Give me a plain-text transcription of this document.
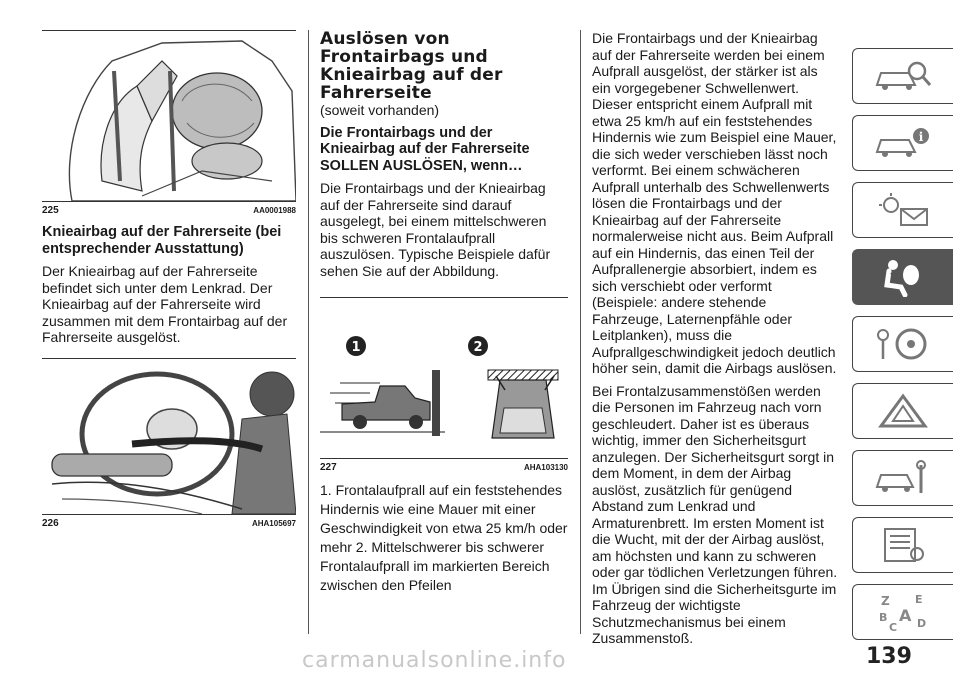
225	AA0001988
Knieairbag auf der Fahrerseite (bei entsprechender Ausstattung)

Der Knieairbag auf der Fahrerseite befindet sich unter dem Lenkrad. Der Knieairbag auf der Fahrerseite wird zusammen mit dem Frontairbag auf der Fahrerseite ausgelöst.

226	AHA105697
Auslösen von Frontairbags und Knieairbag auf der Fahrerseite
(soweit vorhanden)
Die Frontairbags und der Knieairbag auf der Fahrerseite SOLLEN AUSLÖSEN, wenn…

Die Frontairbags und der Knieairbag auf der Fahrerseite sind darauf ausgelegt, bei einem mittelschweren bis schweren Frontalaufprall auszulösen. Typische Beispiele dafür sehen Sie auf der Abbildung.

1	2
227	AHA103130

1. Frontalaufprall auf ein feststehendes Hindernis wie eine Mauer mit einer Geschwindigkeit von etwa 25 km/h oder mehr 2. Mittelschwerer bis schwerer Frontalaufprall im markierten Bereich zwischen den Pfeilen

Die Frontairbags und der Knieairbag auf der Fahrerseite werden bei einem Aufprall ausgelöst, der stärker ist als ein vorgegebener Schwellenwert. Dieser entspricht einem Aufprall mit etwa 25 km/h auf ein feststehendes Hindernis wie zum Beispiel eine Mauer, die sich weder verschieben lässt noch verformt. Bei einem schwächeren Aufprall unterhalb des Schwellenwerts lösen die Frontairbags und der Knieairbag auf der Fahrerseite normalerweise nicht aus. Beim Aufprall auf ein Hindernis, das einen Teil der Aufprallenergie absorbiert, indem es sich verschiebt oder verformt (Beispiele: andere stehende Fahrzeuge, Laternenpfähle oder Leitplanken), muss die Aufprallgeschwindigkeit jedoch deutlich höher sein, damit die Airbags auslösen.

Bei Frontalzusammenstößen werden die Personen im Fahrzeug nach vorn geschleudert. Daher ist es überaus wichtig, immer den Sicherheitsgurt anzulegen. Der Sicherheitsgurt sorgt in dem Moment, in dem der Airbag auslöst, zusätzlich für genügend Abstand zum Lenkrad und Armaturenbrett. Im ersten Moment ist die Wucht, mit der der Airbag auslöst, am höchsten und kann zu schweren oder gar tödlichen Verletzungen führen. Im Übrigen sind die Sicherheitsgurte im Fahrzeug der wichtigste Schutzmechanismus bei einem Zusammenstoß.

i
Z E
B A
C D
139
carmanualsonline.info
